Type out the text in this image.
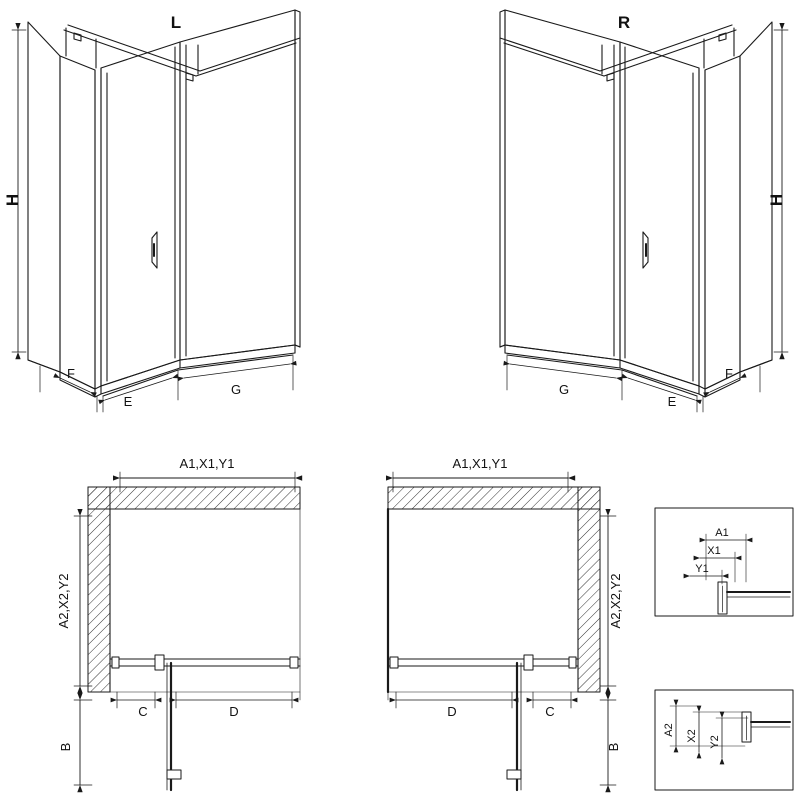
L	R
H	H
F
E
G
F
E
G
A1,X1,Y1
A2,X2,Y2
B
C	D
A1,X1,Y1
A2,X2,Y2
B
D	C
A1
X1
Y1
A2 X2 Y2
